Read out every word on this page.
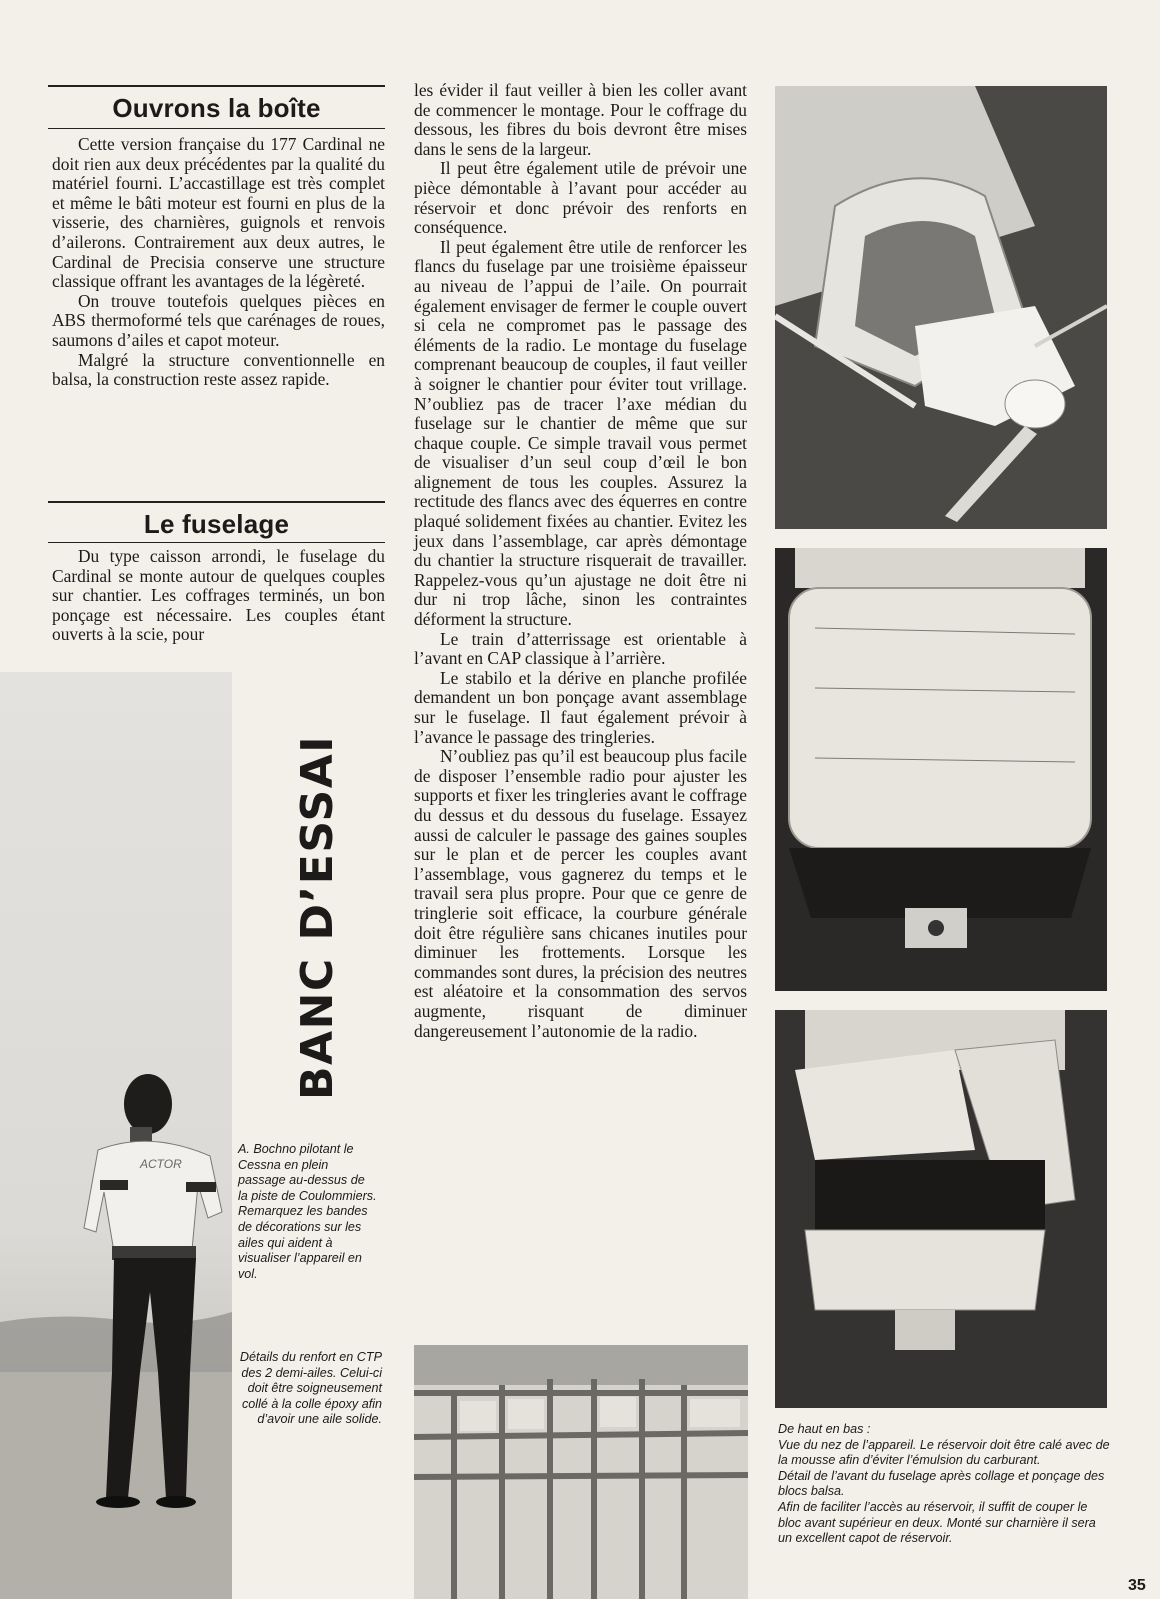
Ouvrons la boîte

Cette version française du 177 Cardinal ne doit rien aux deux précédentes par la qualité du matériel fourni. L’accastillage est très complet et même le bâti moteur est fourni en plus de la visserie, des charnières, guignols et renvois d’ailerons. Contrairement aux deux autres, le Cardinal de Precisia conserve une structure classique offrant les avantages de la légèreté.

On trouve toutefois quelques pièces en ABS thermoformé tels que carénages de roues, saumons d’ailes et capot moteur.

Malgré la structure conventionnelle en balsa, la construction reste assez rapide.

Le fuselage

Du type caisson arrondi, le fuselage du Cardinal se monte autour de quelques couples sur chantier. Les coffrages terminés, un bon ponçage est nécessaire. Les couples étant ouverts à la scie, pour

ACTOR
BANC D’ESSAI

A. Bochno pilotant le Cessna en plein passage au-dessus de la piste de Coulommiers. Remarquez les bandes de décorations sur les ailes qui aident à visualiser l’appareil en vol.

Détails du renfort en CTP des 2 demi-ailes. Celui-ci doit être soigneusement collé à la colle époxy afin d’avoir une aile solide.

les évider il faut veiller à bien les coller avant de commencer le montage. Pour le coffrage du dessous, les fibres du bois devront être mises dans le sens de la largeur.

Il peut être également utile de prévoir une pièce démontable à l’avant pour accéder au réservoir et donc prévoir des renforts en conséquence.

Il peut également être utile de renforcer les flancs du fuselage par une troisième épaisseur au niveau de l’appui de l’aile. On pourrait également envisager de fermer le couple ouvert si cela ne compromet pas le passage des éléments de la radio. Le montage du fuselage comprenant beaucoup de couples, il faut veiller à soigner le chantier pour éviter tout vrillage. N’oubliez pas de tracer l’axe médian du fuselage sur le chantier de même que sur chaque couple. Ce simple travail vous permet de visualiser d’un seul coup d’œil le bon alignement de tous les couples. Assurez la rectitude des flancs avec des équerres en contre plaqué solidement fixées au chantier. Evitez les jeux dans l’assemblage, car après démontage du chantier la structure risquerait de travailler. Rappelez-vous qu’un ajustage ne doit être ni dur ni trop lâche, sinon les contraintes déforment la structure.

Le train d’atterrissage est orientable à l’avant en CAP classique à l’arrière.

Le stabilo et la dérive en planche profilée demandent un bon ponçage avant assemblage sur le fuselage. Il faut également prévoir à l’avance le passage des tringleries.

N’oubliez pas qu’il est beaucoup plus facile de disposer l’ensemble radio pour ajuster les supports et fixer les tringleries avant le coffrage du dessus et du dessous du fuselage. Essayez aussi de calculer le passage des gaines souples sur le plan et de percer les couples avant l’assemblage, vous gagnerez du temps et le travail sera plus propre. Pour que ce genre de tringlerie soit efficace, la courbure générale doit être régulière sans chicanes inutiles pour diminuer les frottements. Lorsque les commandes sont dures, la précision des neutres est aléatoire et la consommation des servos augmente, risquant de diminuer dangereusement l’autonomie de la radio.

De haut en bas :

Vue du nez de l’appareil. Le réservoir doit être calé avec de la mousse afin d’éviter l’émulsion du carburant.

Détail de l’avant du fuselage après collage et ponçage des blocs balsa.

Afin de faciliter l’accès au réservoir, il suffit de couper le bloc avant supérieur en deux. Monté sur charnière il sera un excellent capot de réservoir.

35
